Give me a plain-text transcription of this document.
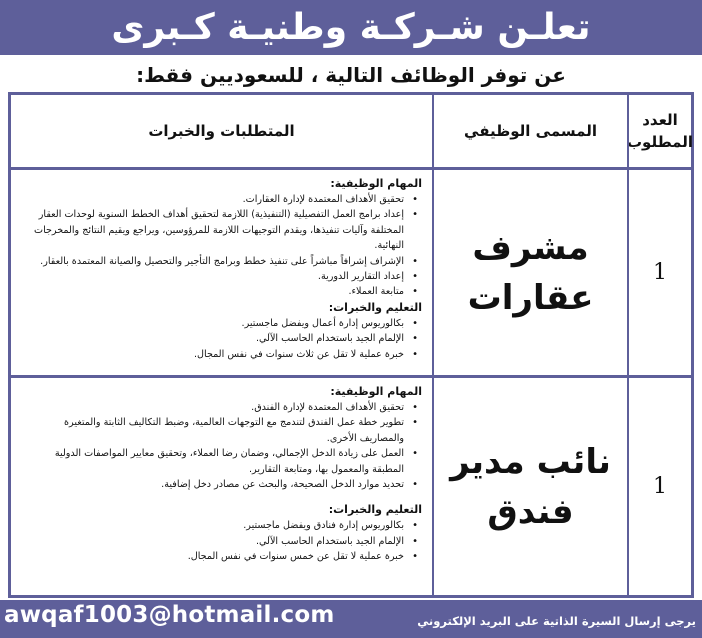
تعلـن شـركـة وطنيـة كـبرى
عن توفر الوظائف التالية ، للسعوديين فقط:
العدد
المطلوب
المسمى الوظيفي
المتطلبات والخبرات
1
مشرف
عقارات
المهام الوظيفية:
• تحقيق الأهداف المعتمدة لإدارة العقارات.
• إعداد برامج العمل التفصيلية (التنفيذية) اللازمة لتحقيق أهداف الخطط السنوية لوحدات العقار المختلفة وآليات تنفيذها، ويقدم التوجيهات اللازمة للمرؤوسين، ويراجع ويقيم النتائج والمخرجات النهائية.
• الإشراف إشرافاً مباشراً على تنفيذ خطط وبرامج التأجير والتحصيل والصيانة المعتمدة بالعقار.
• إعداد التقارير الدورية.
• متابعة العملاء.
التعليم والخبرات:
• بكالوريوس إدارة أعمال ويفضل ماجستير.
• الإلمام الجيد باستخدام الحاسب الآلي.
• خبرة عملية لا تقل عن ثلاث سنوات في نفس المجال.
1
نائب مدير
فندق
المهام الوظيفية:
• تحقيق الأهداف المعتمدة لإدارة الفندق.
• تطوير خطة عمل الفندق لتندمج مع التوجهات العالمية، وضبط التكاليف الثابتة والمتغيرة والمصاريف الأخرى.
• العمل على زيادة الدخل الإجمالي، وضمان رضا العملاء، وتحقيق معايير المواصفات الدولية المطبقة والمعمول بها، ومتابعة التقارير.
• تحديد موارد الدخل الصحيحة، والبحث عن مصادر دخل إضافية.
التعليم والخبرات:
• بكالوريوس إدارة فنادق ويفضل ماجستير.
• الإلمام الجيد باستخدام الحاسب الآلي.
• خبرة عملية لا تقل عن خمس سنوات في نفس المجال.
awqaf1003@hotmail.com	يرجى إرسال السيرة الذاتية على البريد الإلكتروني
